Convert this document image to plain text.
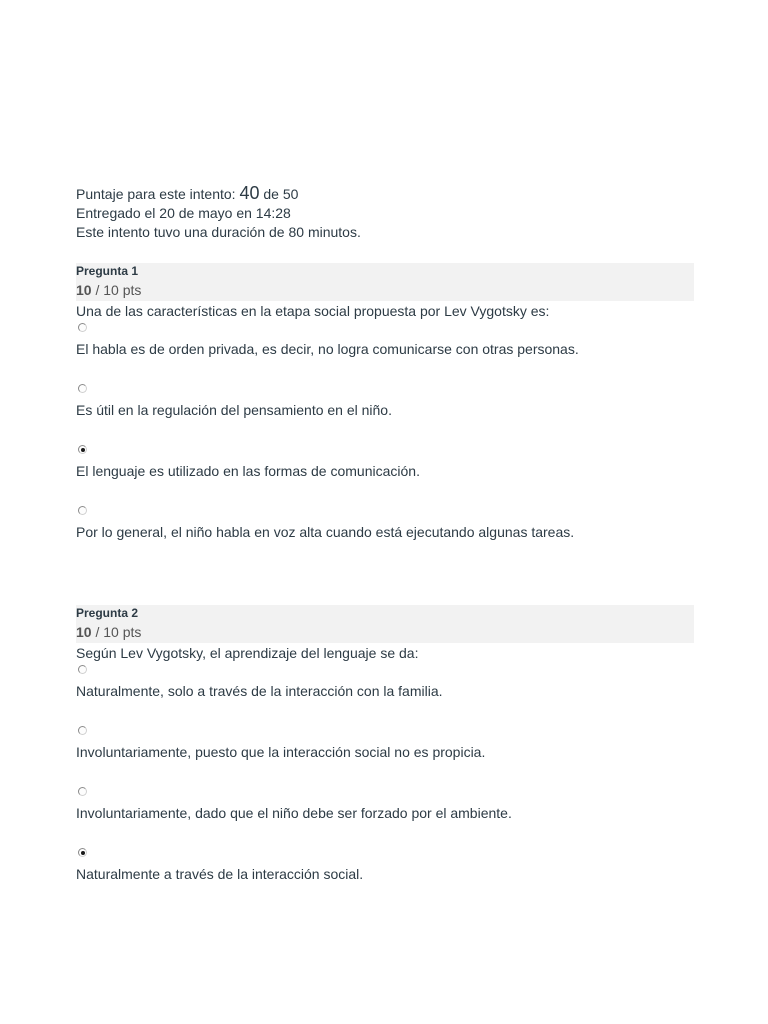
Puntaje para este intento: 40 de 50
Entregado el 20 de mayo en 14:28
Este intento tuvo una duración de 80 minutos.
Pregunta 1
10 / 10 pts
Una de las características en la etapa social propuesta por Lev Vygotsky es:
El habla es de orden privada, es decir, no logra comunicarse con otras personas.
Es útil en la regulación del pensamiento en el niño.
El lenguaje es utilizado en las formas de comunicación.
Por lo general, el niño habla en voz alta cuando está ejecutando algunas tareas.
Pregunta 2
10 / 10 pts
Según Lev Vygotsky, el aprendizaje del lenguaje se da:
Naturalmente, solo a través de la interacción con la familia.
Involuntariamente, puesto que la interacción social no es propicia.
Involuntariamente, dado que el niño debe ser forzado por el ambiente.
Naturalmente a través de la interacción social.
